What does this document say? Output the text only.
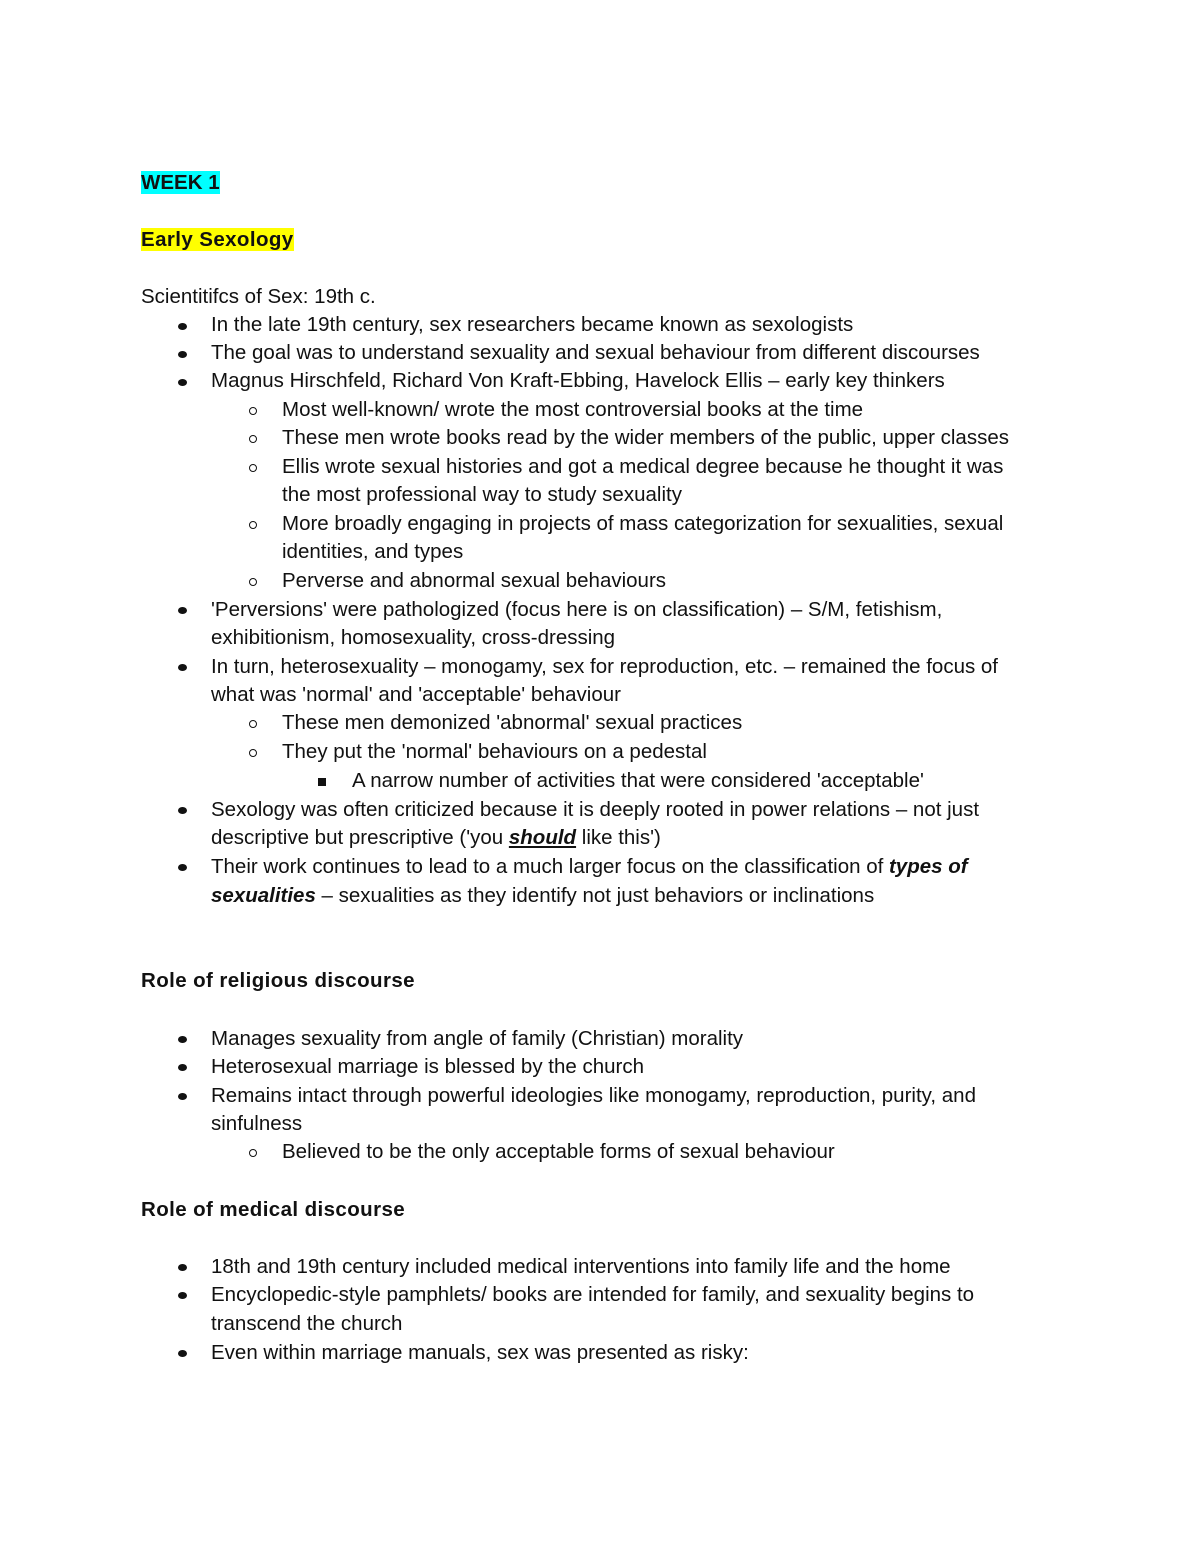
WEEK 1
Early Sexology
Scientitifcs of Sex: 19th c.
In the late 19th century, sex researchers became known as sexologists
The goal was to understand sexuality and sexual behaviour from different discourses
Magnus Hirschfeld, Richard Von Kraft-Ebbing, Havelock Ellis – early key thinkers
Most well-known/ wrote the most controversial books at the time
These men wrote books read by the wider members of the public, upper classes
Ellis wrote sexual histories and got a medical degree because he thought it was
the most professional way to study sexuality
More broadly engaging in projects of mass categorization for sexualities, sexual
identities, and types
Perverse and abnormal sexual behaviours
'Perversions' were pathologized (focus here is on classification) – S/M, fetishism,
exhibitionism, homosexuality, cross-dressing
In turn, heterosexuality – monogamy, sex for reproduction, etc. – remained the focus of
what was 'normal' and 'acceptable' behaviour
These men demonized 'abnormal' sexual practices
They put the 'normal' behaviours on a pedestal
A narrow number of activities that were considered 'acceptable'
Sexology was often criticized because it is deeply rooted in power relations – not just
descriptive but prescriptive ('you should like this')
Their work continues to lead to a much larger focus on the classification of types of
sexualities – sexualities as they identify not just behaviors or inclinations
Role of religious discourse
Manages sexuality from angle of family (Christian) morality
Heterosexual marriage is blessed by the church
Remains intact through powerful ideologies like monogamy, reproduction, purity, and
sinfulness
Believed to be the only acceptable forms of sexual behaviour
Role of medical discourse
18th and 19th century included medical interventions into family life and the home
Encyclopedic-style pamphlets/ books are intended for family, and sexuality begins to
transcend the church
Even within marriage manuals, sex was presented as risky:
